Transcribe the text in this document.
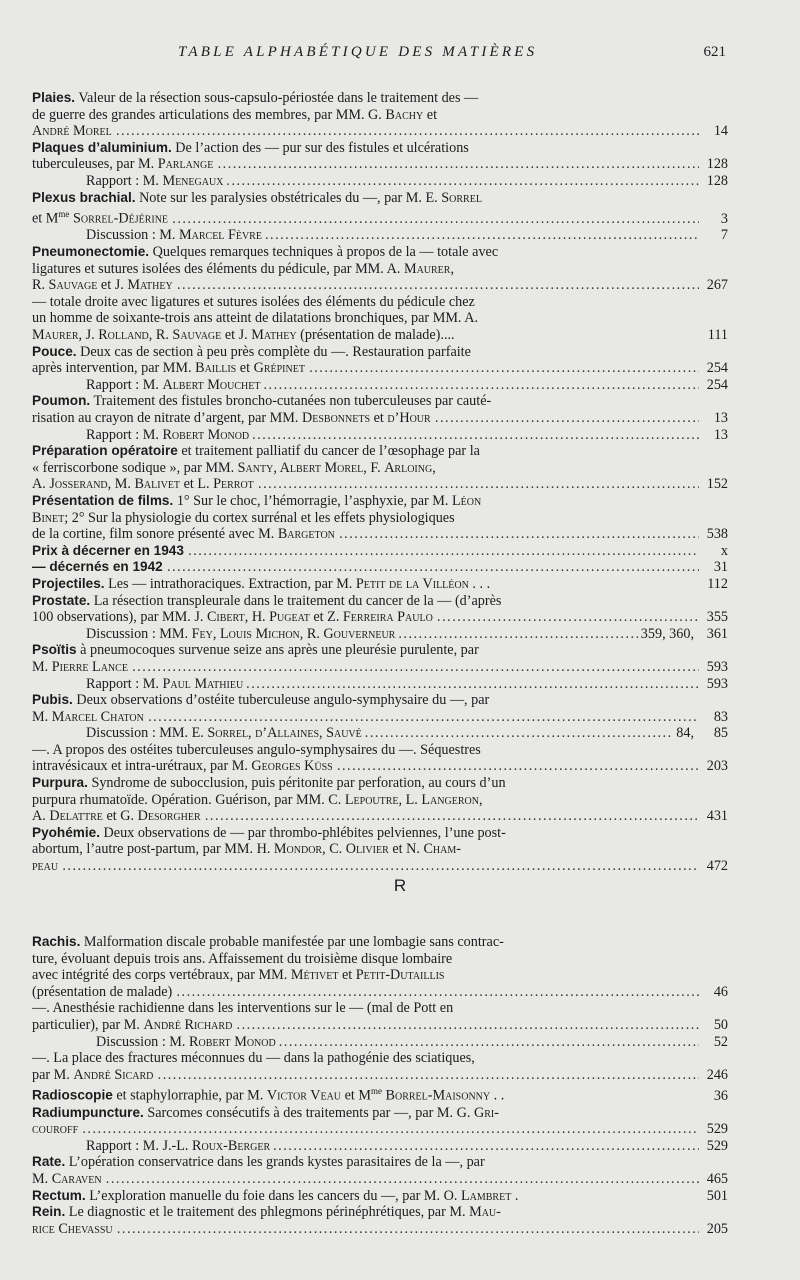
TABLE ALPHABÉTIQUE DES MATIÈRES	621
Plaies. Valeur de la résection sous-capsulo-périostée dans le traitement des —
de guerre des grandes articulations des membres, par MM. G. Bachy et
André Morel .....	14
Plaques d’aluminium. De l’action des — pur sur des fistules et ulcérations
tuberculeuses, par M. Parlange .....	128
Rapport : M. Menegaux .....	128
Plexus brachial. Note sur les paralysies obstétricales du —, par M. E. Sorrel
et $M^{me}$ Sorrel-Déjérine .....	3
Discussion : M. Marcel Fèvre .....	7
Pneumonectomie. Quelques remarques techniques à propos de la — totale avec
ligatures et sutures isolées des éléments du pédicule, par MM. A. Maurer,
R. Sauvage et J. Mathey .....	267
— totale droite avec ligatures et sutures isolées des éléments du pédicule chez
un homme de soixante-trois ans atteint de dilatations bronchiques, par MM. A.
Maurer, J. Rolland, R. Sauvage et J. Mathey (présentation de malade)....	111
Pouce. Deux cas de section à peu près complète du —. Restauration parfaite
après intervention, par MM. Baillis et Grépinet .....	254
Rapport : M. Albert Mouchet .....	254
Poumon. Traitement des fistules broncho-cutanées non tuberculeuses par cauté-
risation au crayon de nitrate d’argent, par MM. Desbonnets et d’Hour .....	13
Rapport : M. Robert Monod .....	13
Préparation opératoire et traitement palliatif du cancer de l’œsophage par la
« ferriscorbone sodique », par MM. Santy, Albert Morel, F. Arloing,
A. Josserand, M. Balivet et L. Perrot .....	152
Présentation de films. 1° Sur le choc, l’hémorragie, l’asphyxie, par M. Léon
Binet; 2° Sur la physiologie du cortex surrénal et les effets physiologiques
de la cortine, film sonore présenté avec M. Bargeton .....	538
Prix à décerner en 1943 .....	x
— décernés en 1942 .....	31
Projectiles. Les — intrathoraciques. Extraction, par M. Petit de la Villéon . . .	112
Prostate. La résection transpleurale dans le traitement du cancer de la — (d’après
100 observations), par MM. J. Cibert, H. Pugeat et Z. Ferreira Paulo .....	355
Discussion : MM. Fey, Louis Michon, R. Gouverneur .....	359, 360, 361
Psoïtis à pneumocoques survenue seize ans après une pleurésie purulente, par
M. Pierre Lance .....	593
Rapport : M. Paul Mathieu .....	593
Pubis. Deux observations d’ostéite tuberculeuse angulo-symphysaire du —, par
M. Marcel Chaton .....	83
Discussion : MM. E. Sorrel, d’Allaines, Sauvé .....	84,	85
—. A propos des ostéites tuberculeuses angulo-symphysaires du —. Séquestres
intravésicaux et intra-urétraux, par M. Georges Küss .....	203
Purpura. Syndrome de subocclusion, puis péritonite par perforation, au cours d’un
purpura rhumatoïde. Opération. Guérison, par MM. C. Lepoutre, L. Langeron,
A. Delattre et G. Desorgher .....	431
Pyohémie. Deux observations de — par thrombo-phlébites pelviennes, l’une post-
abortum, l’autre post-partum, par MM. H. Mondor, C. Olivier et N. Cham-
peau .....	472
R
Rachis. Malformation discale probable manifestée par une lombagie sans contrac-
ture, évoluant depuis trois ans. Affaissement du troisième disque lombaire
avec intégrité des corps vertébraux, par MM. Métivet et Petit-Dutaillis
(présentation de malade) .....	46
—. Anesthésie rachidienne dans les interventions sur le — (mal de Pott en
particulier), par M. André Richard .....	50
Discussion : M. Robert Monod .....	52
—. La place des fractures méconnues du — dans la pathogénie des sciatiques,
par M. André Sicard .....	246
Radioscopie et staphylorraphie, par M. Victor Veau et $M^{me}$ Borrel-Maisonny . .	36
Radiumpuncture. Sarcomes consécutifs à des traitements par —, par M. G. Gri-
couroff .....	529
Rapport : M. J.-L. Roux-Berger .....	529
Rate. L’opération conservatrice dans les grands kystes parasitaires de la —, par
M. Caraven .....	465
Rectum. L’exploration manuelle du foie dans les cancers du —, par M. O. Lambret .	501
Rein. Le diagnostic et le traitement des phlegmons périnéphrétiques, par M. Mau-
rice Chevassu .....	205
